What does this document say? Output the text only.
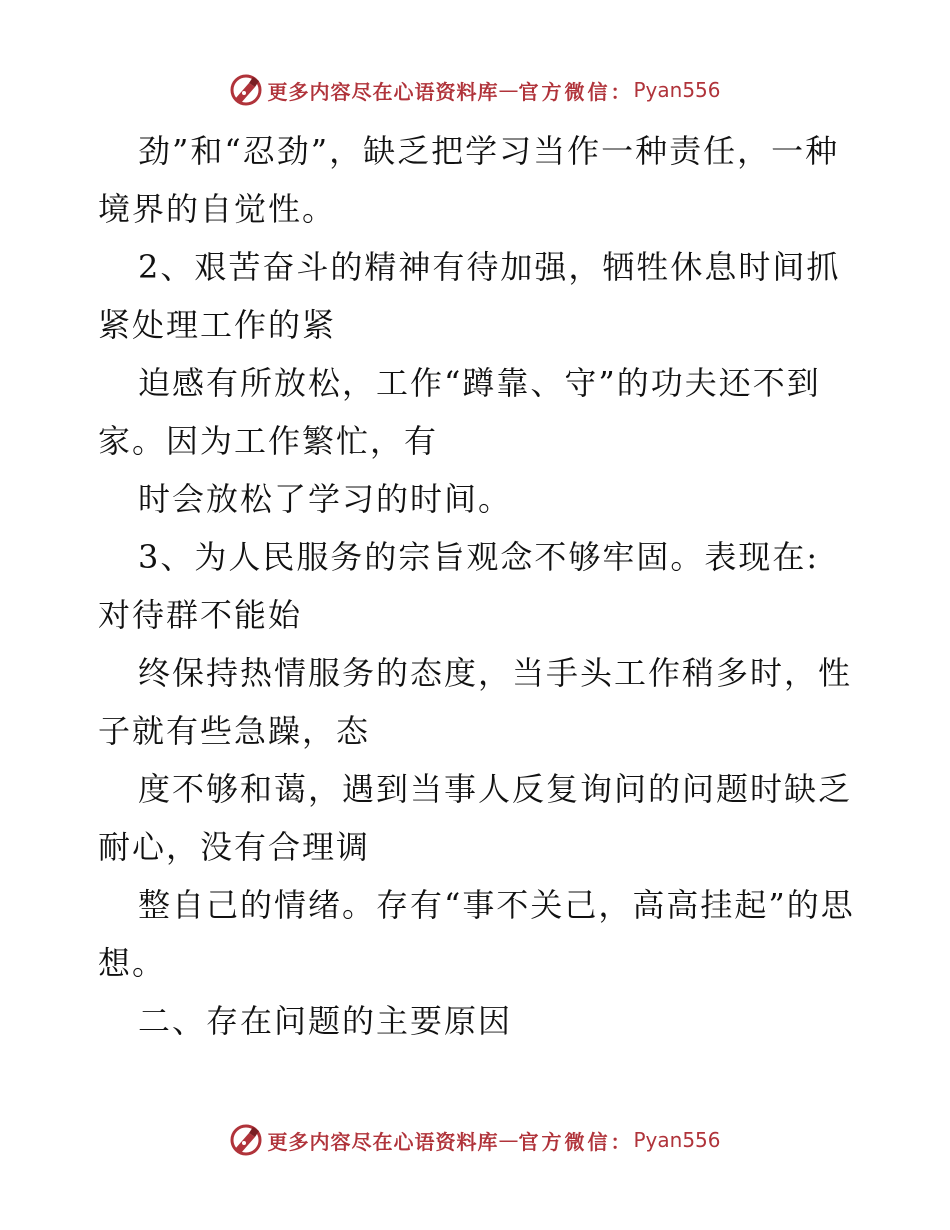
更多内容尽在心语资料库 — 官方微信： Pyan556

劲”和“忍劲”，缺乏把学习当作一种责任，一种境界的自觉性。

2、艰苦奋斗的精神有待加强，牺牲休息时间抓紧处理工作的紧

迫感有所放松，工作“蹲靠、守”的功夫还不到家。因为工作繁忙，有

时会放松了学习的时间。

3、为人民服务的宗旨观念不够牢固。表现在: 对待群不能始

终保持热情服务的态度，当手头工作稍多时，性子就有些急躁，态

度不够和蔼，遇到当事人反复询问的问题时缺乏耐心，没有合理调

整自己的情绪。存有“事不关己，高高挂起”的思想。

二、存在问题的主要原因

更多内容尽在心语资料库 — 官方微信： Pyan556
